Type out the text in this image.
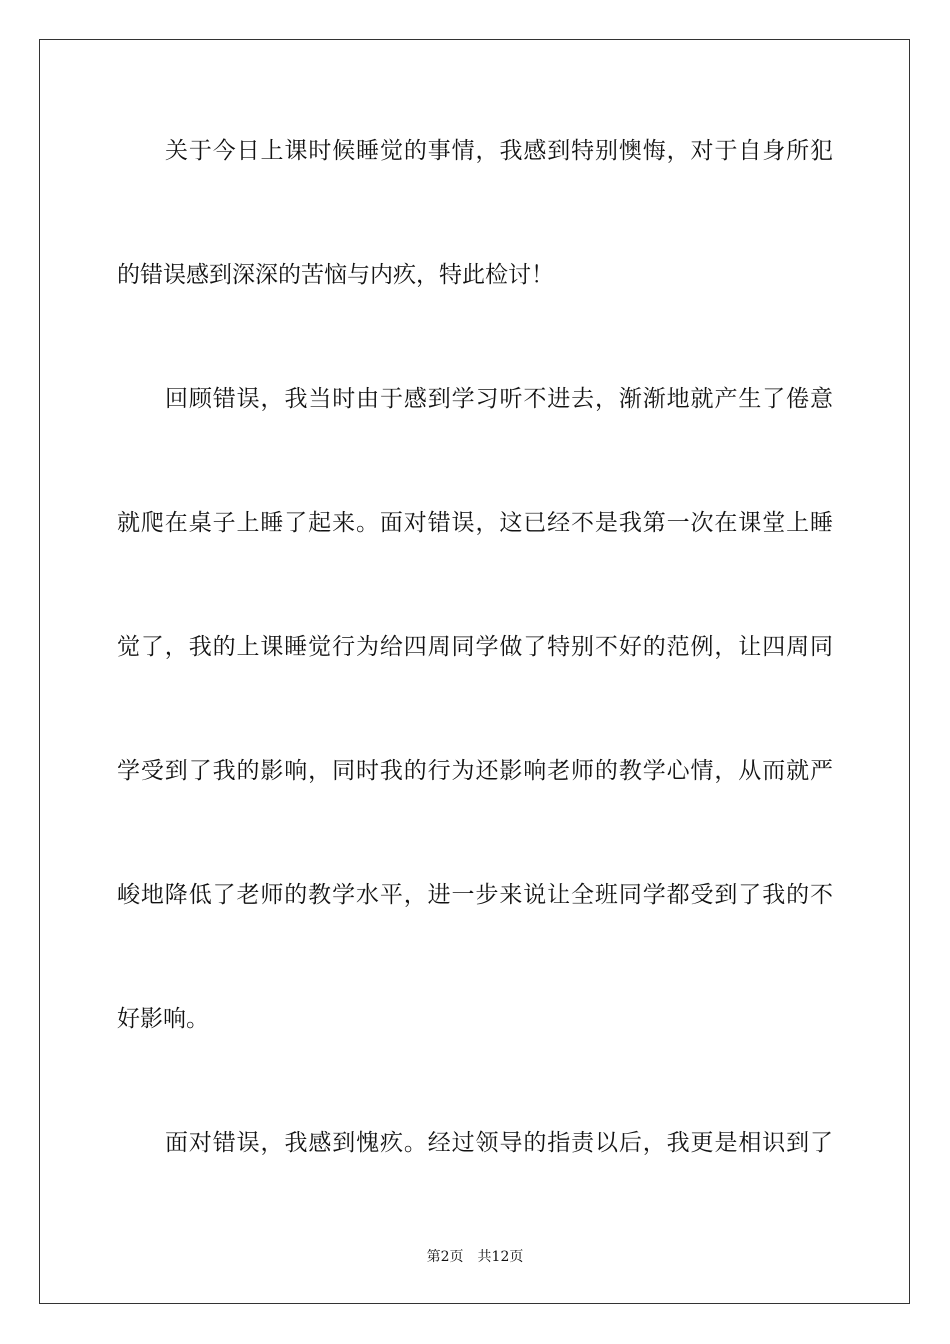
关于今日上课时候睡觉的事情，我感到特别懊悔，对于自身所犯
的错误感到深深的苦恼与内疚，特此检讨！
回顾错误，我当时由于感到学习听不进去，渐渐地就产生了倦意
就爬在桌子上睡了起来。面对错误，这已经不是我第一次在课堂上睡
觉了，我的上课睡觉行为给四周同学做了特别不好的范例，让四周同
学受到了我的影响，同时我的行为还影响老师的教学心情，从而就严
峻地降低了老师的教学水平，进一步来说让全班同学都受到了我的不
好影响。
面对错误，我感到愧疚。经过领导的指责以后，我更是相识到了
第2页 共12页
